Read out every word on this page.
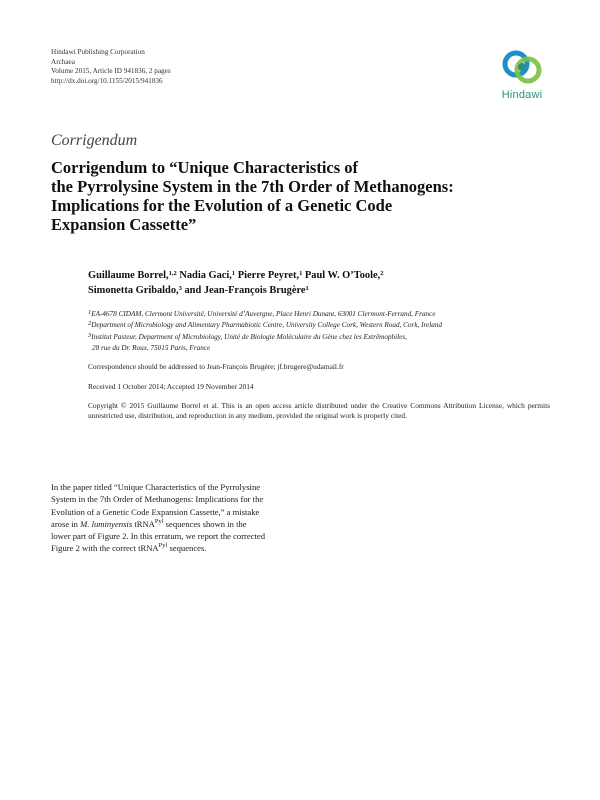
Hindawi Publishing Corporation
Archaea
Volume 2015, Article ID 941836, 2 pages
http://dx.doi.org/10.1155/2015/941836
Hindawi
Corrigendum
Corrigendum to “Unique Characteristics of
the Pyrrolysine System in the 7th Order of Methanogens:
Implications for the Evolution of a Genetic Code
Expansion Cassette”
Guillaume Borrel,$^{1,2}$ Nadia Gaci,$^1$ Pierre Peyret,$^1$ Paul W. O’Toole,$^2$
Simonetta Gribaldo,$^3$ and Jean-François Brugère$^1$
$^1$EA-4678 CIDAM, Clermont Université, Université d’Auvergne, Place Henri Dunant, 63001 Clermont-Ferrand, France
$^2$Department of Microbiology and Alimentary Pharmabiotic Centre, University College Cork, Western Road, Cork, Ireland
$^3$Institut Pasteur, Department of Microbiology, Unité de Biologie Moléculaire du Gène chez les Extrêmophiles,
28 rue du Dr. Roux, 75015 Paris, France
Correspondence should be addressed to Jean-François Brugère; jf.brugere@udamail.fr
Received 1 October 2014; Accepted 19 November 2014
Copyright © 2015 Guillaume Borrel et al. This is an open access article distributed under the Creative Commons Attribution License, which permits unrestricted use, distribution, and reproduction in any medium, provided the original work is properly cited.
In the paper titled “Unique Characteristics of the Pyrrolysine
System in the 7th Order of Methanogens: Implications for the
Evolution of a Genetic Code Expansion Cassette,” a mistake
arose in M. luminyensis tRNA$^{Pyl}$ sequences shown in the
lower part of Figure 2. In this erratum, we report the corrected
Figure 2 with the correct tRNA$^{Pyl}$ sequences.
